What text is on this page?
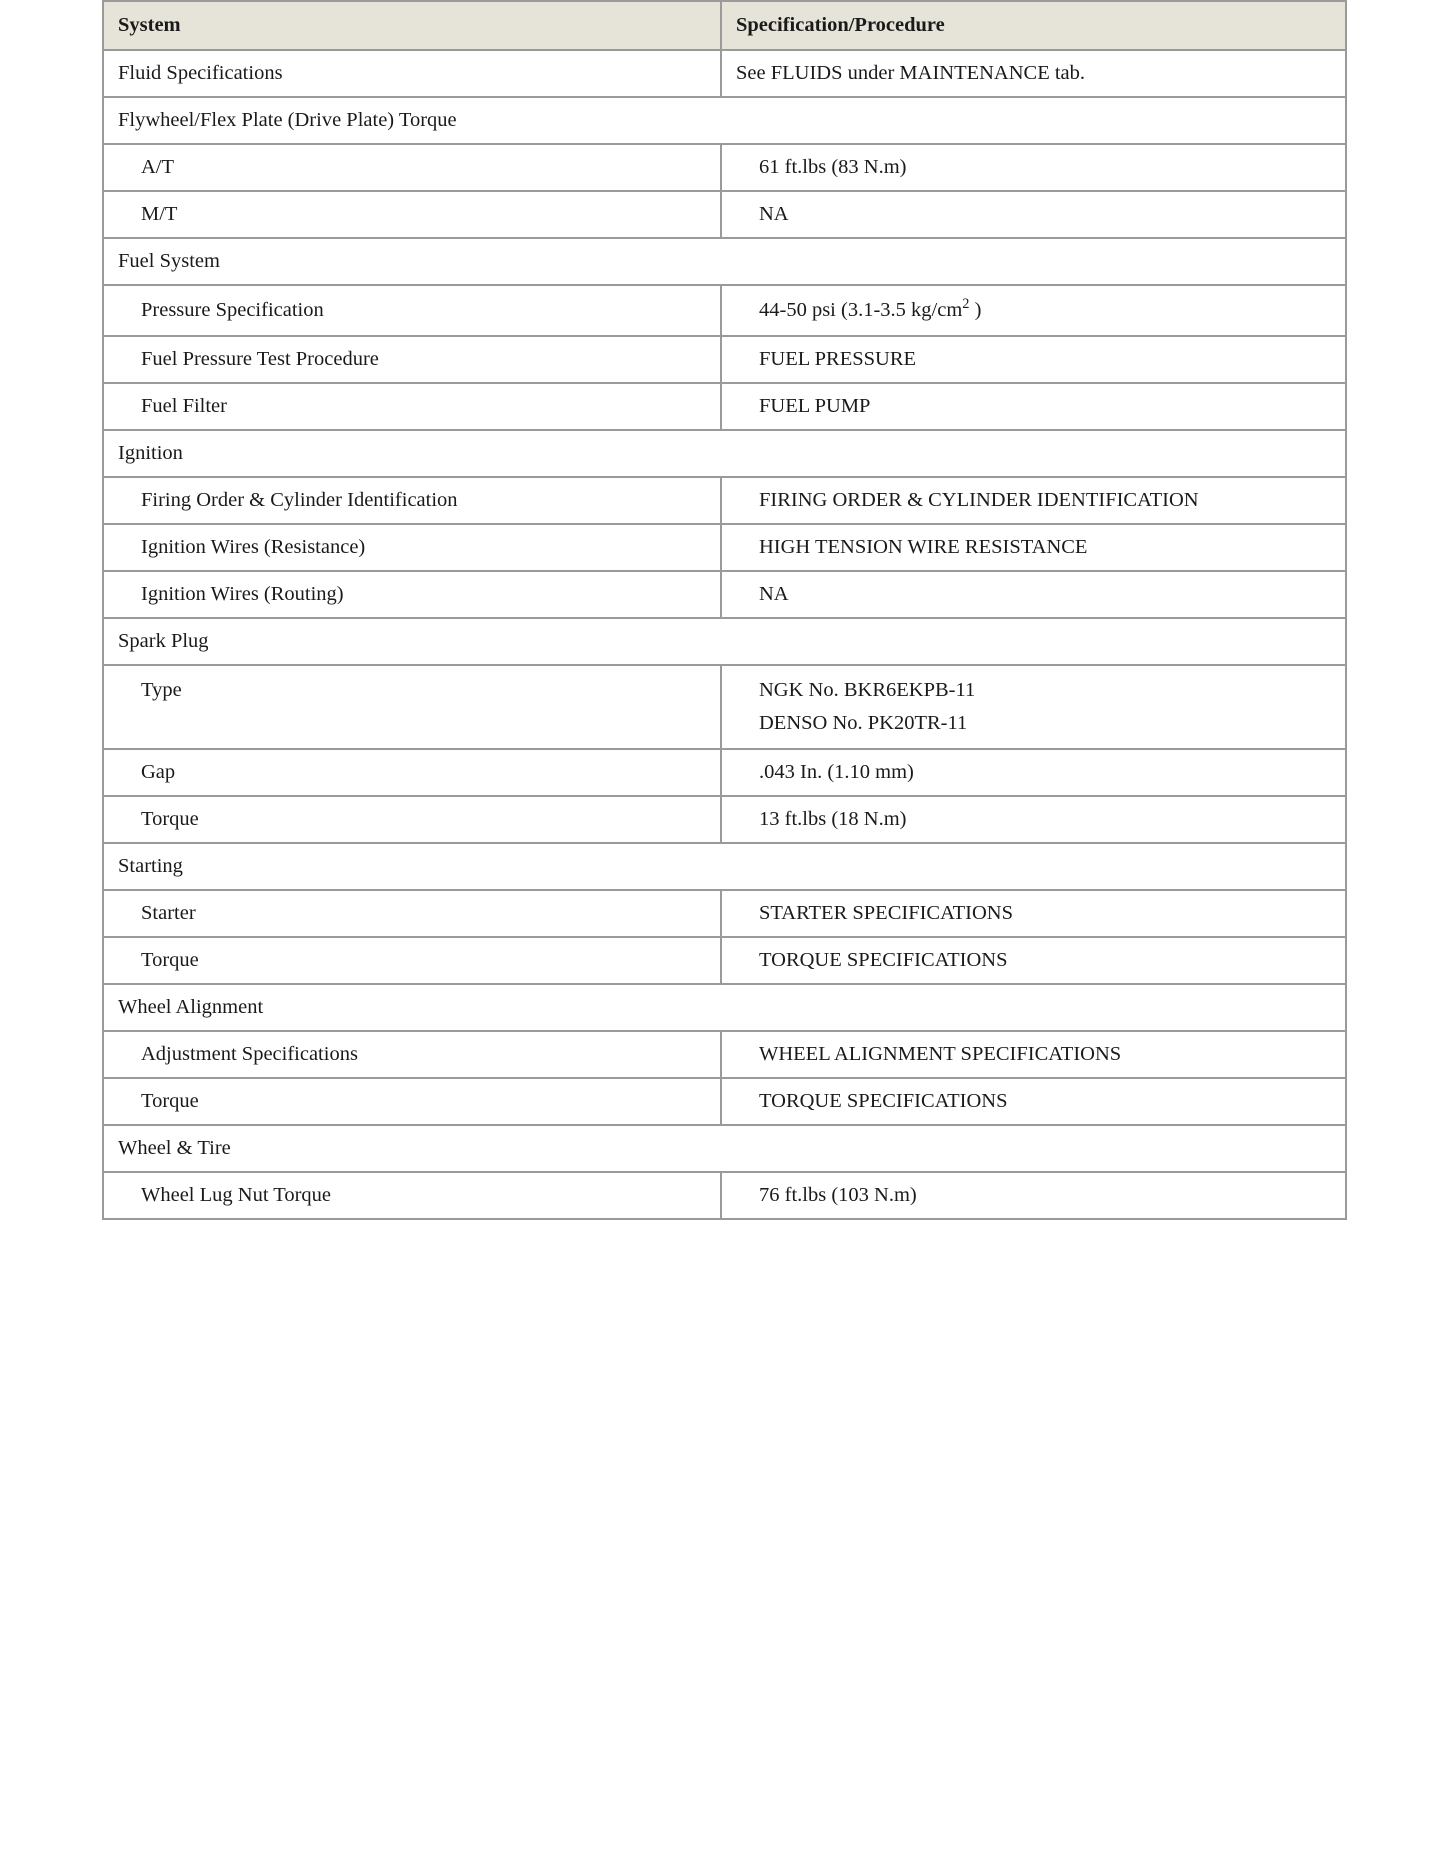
System	Specification/Procedure
Fluid Specifications	See FLUIDS under MAINTENANCE tab.
Flywheel/Flex Plate (Drive Plate) Torque	
A/T	61 ft.lbs (83 N.m)
M/T	NA
Fuel System	
Pressure Specification	44-50 psi (3.1-3.5 $kg/cm^2$ )
Fuel Pressure Test Procedure	FUEL PRESSURE
Fuel Filter	FUEL PUMP
Ignition	
Firing Order & Cylinder Identification	FIRING ORDER & CYLINDER IDENTIFICATION
Ignition Wires (Resistance)	HIGH TENSION WIRE RESISTANCE
Ignition Wires (Routing)	NA
Spark Plug	
Type	NGK No. BKR6EKPB-11
DENSO No. PK20TR-11

Gap	.043 In. (1.10 mm)
Torque	13 ft.lbs (18 N.m)
Starting	
Starter	STARTER SPECIFICATIONS
Torque	TORQUE SPECIFICATIONS
Wheel Alignment	
Adjustment Specifications	WHEEL ALIGNMENT SPECIFICATIONS
Torque	TORQUE SPECIFICATIONS
Wheel & Tire	
Wheel Lug Nut Torque	76 ft.lbs (103 N.m)
